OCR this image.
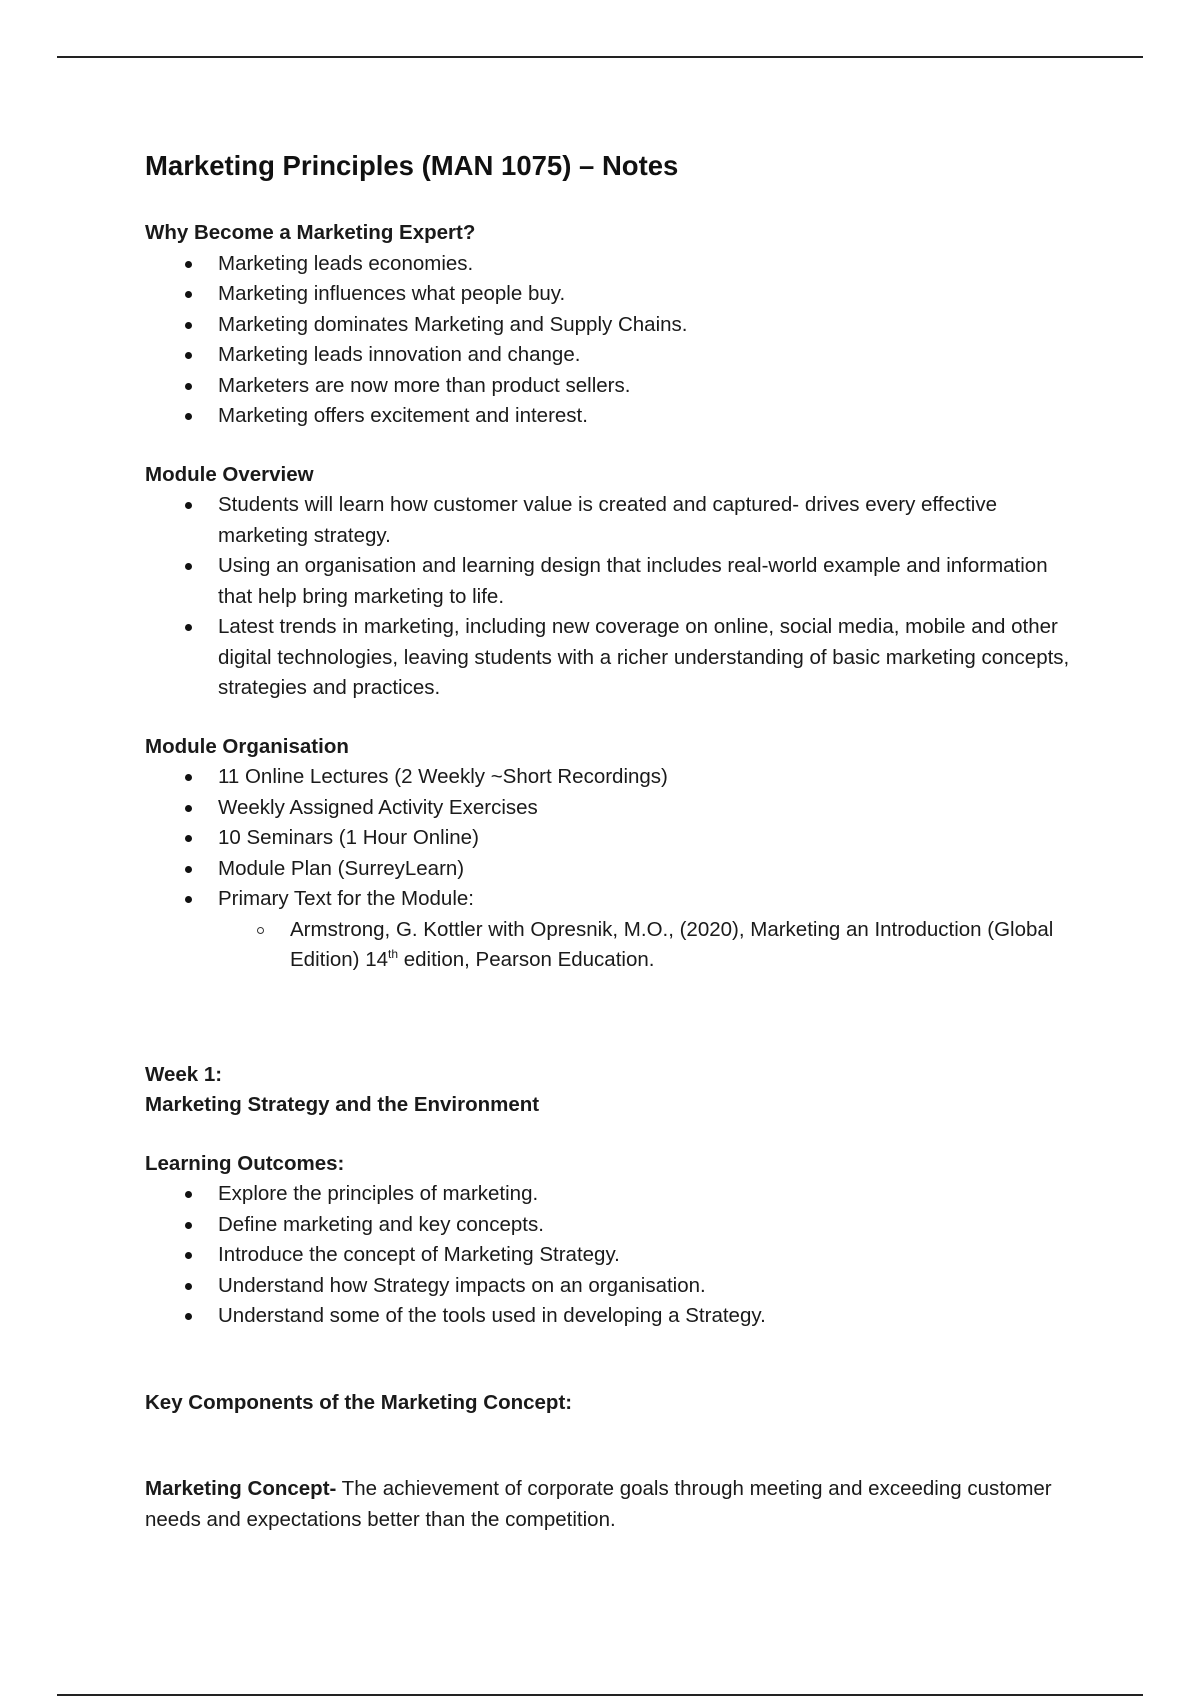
Marketing Principles (MAN 1075) – Notes

Why Become a Marketing Expert?

Marketing leads economies.
Marketing influences what people buy.
Marketing dominates Marketing and Supply Chains.
Marketing leads innovation and change.
Marketers are now more than product sellers.
Marketing offers excitement and interest.

Module Overview

Students will learn how customer value is created and captured- drives every effective marketing strategy.
Using an organisation and learning design that includes real-world example and information that help bring marketing to life.
Latest trends in marketing, including new coverage on online, social media, mobile and other digital technologies, leaving students with a richer understanding of basic marketing concepts, strategies and practices.

Module Organisation

11 Online Lectures (2 Weekly ~Short Recordings)
Weekly Assigned Activity Exercises
10 Seminars (1 Hour Online)
Module Plan (SurreyLearn)
Primary Text for the Module:
Armstrong, G. Kottler with Opresnik, M.O., (2020), Marketing an Introduction (Global Edition) 14th edition, Pearson Education.

Week 1:

Marketing Strategy and the Environment

Learning Outcomes:

Explore the principles of marketing.
Define marketing and key concepts.
Introduce the concept of Marketing Strategy.
Understand how Strategy impacts on an organisation.
Understand some of the tools used in developing a Strategy.

Key Components of the Marketing Concept:

Marketing Concept- The achievement of corporate goals through meeting and exceeding customer needs and expectations better than the competition.
